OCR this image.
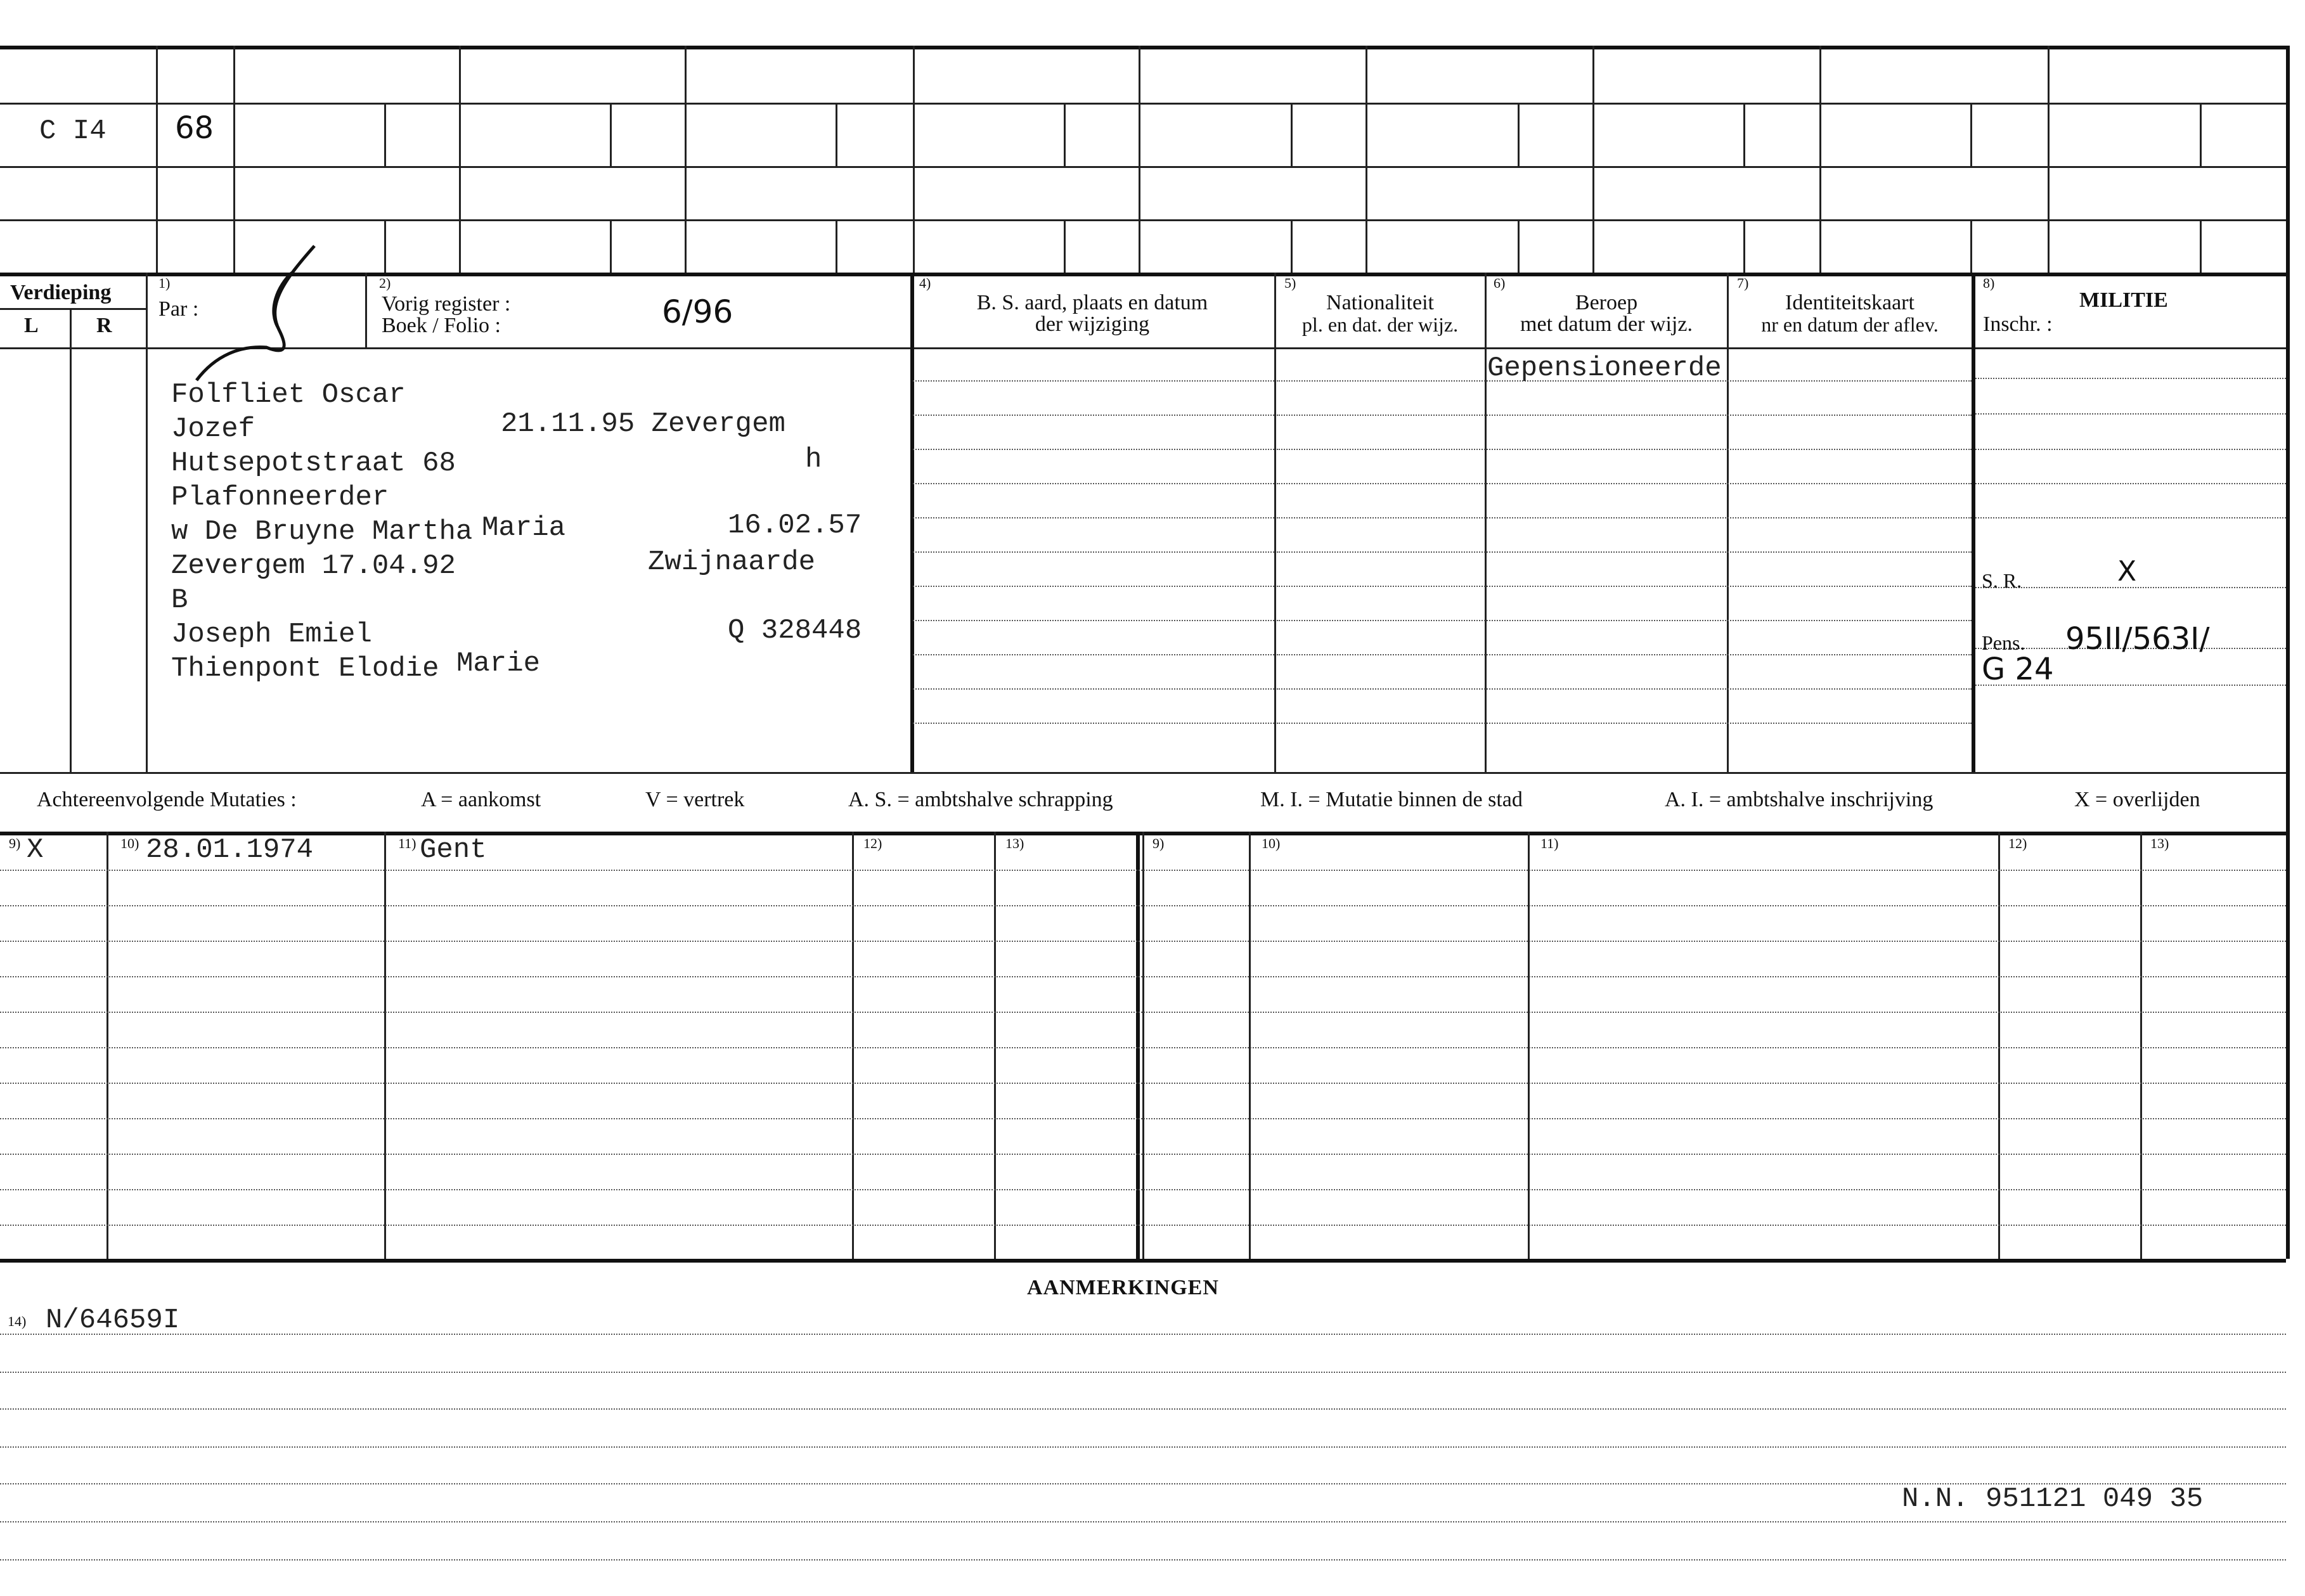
C I4 68
Verdieping
L	R
1)
Par :
2)
Vorig register :
Boek / Folio :	6/96
4)
B. S. aard, plaats en datum
der wijziging
5)
Nationaliteit
pl. en dat. der wijz.
6)
Beroep
met datum der wijz.
7)
Identiteitskaart
nr en datum der aflev.
8)
MILITIE
Inschr. :
Folfliet Oscar
Jozef	21.11.95 Zevergem
Hutsepotstraat 68	h
Plafonneerder
w De Bruyne Martha Maria	16.02.57
Zevergem 17.04.92	Zwijnaarde
B
Joseph Emiel	Q 328448
Thienpont Elodie Marie
Gepensioneerde
S. R.	X
Pens. 95II/563I/
G 24
Achtereenvolgende Mutaties :	A = aankomst	V = vertrek	A. S. = ambtshalve schrapping	M. I. = Mutatie binnen de stad	A. I. = ambtshalve inschrijving	X = overlijden
9)	10)	11)	12)	13)	9)	10)	11)	12)	13)
X	28.01.1974	Gent
AANMERKINGEN
14) N/64659I
N.N. 951121 049 35
